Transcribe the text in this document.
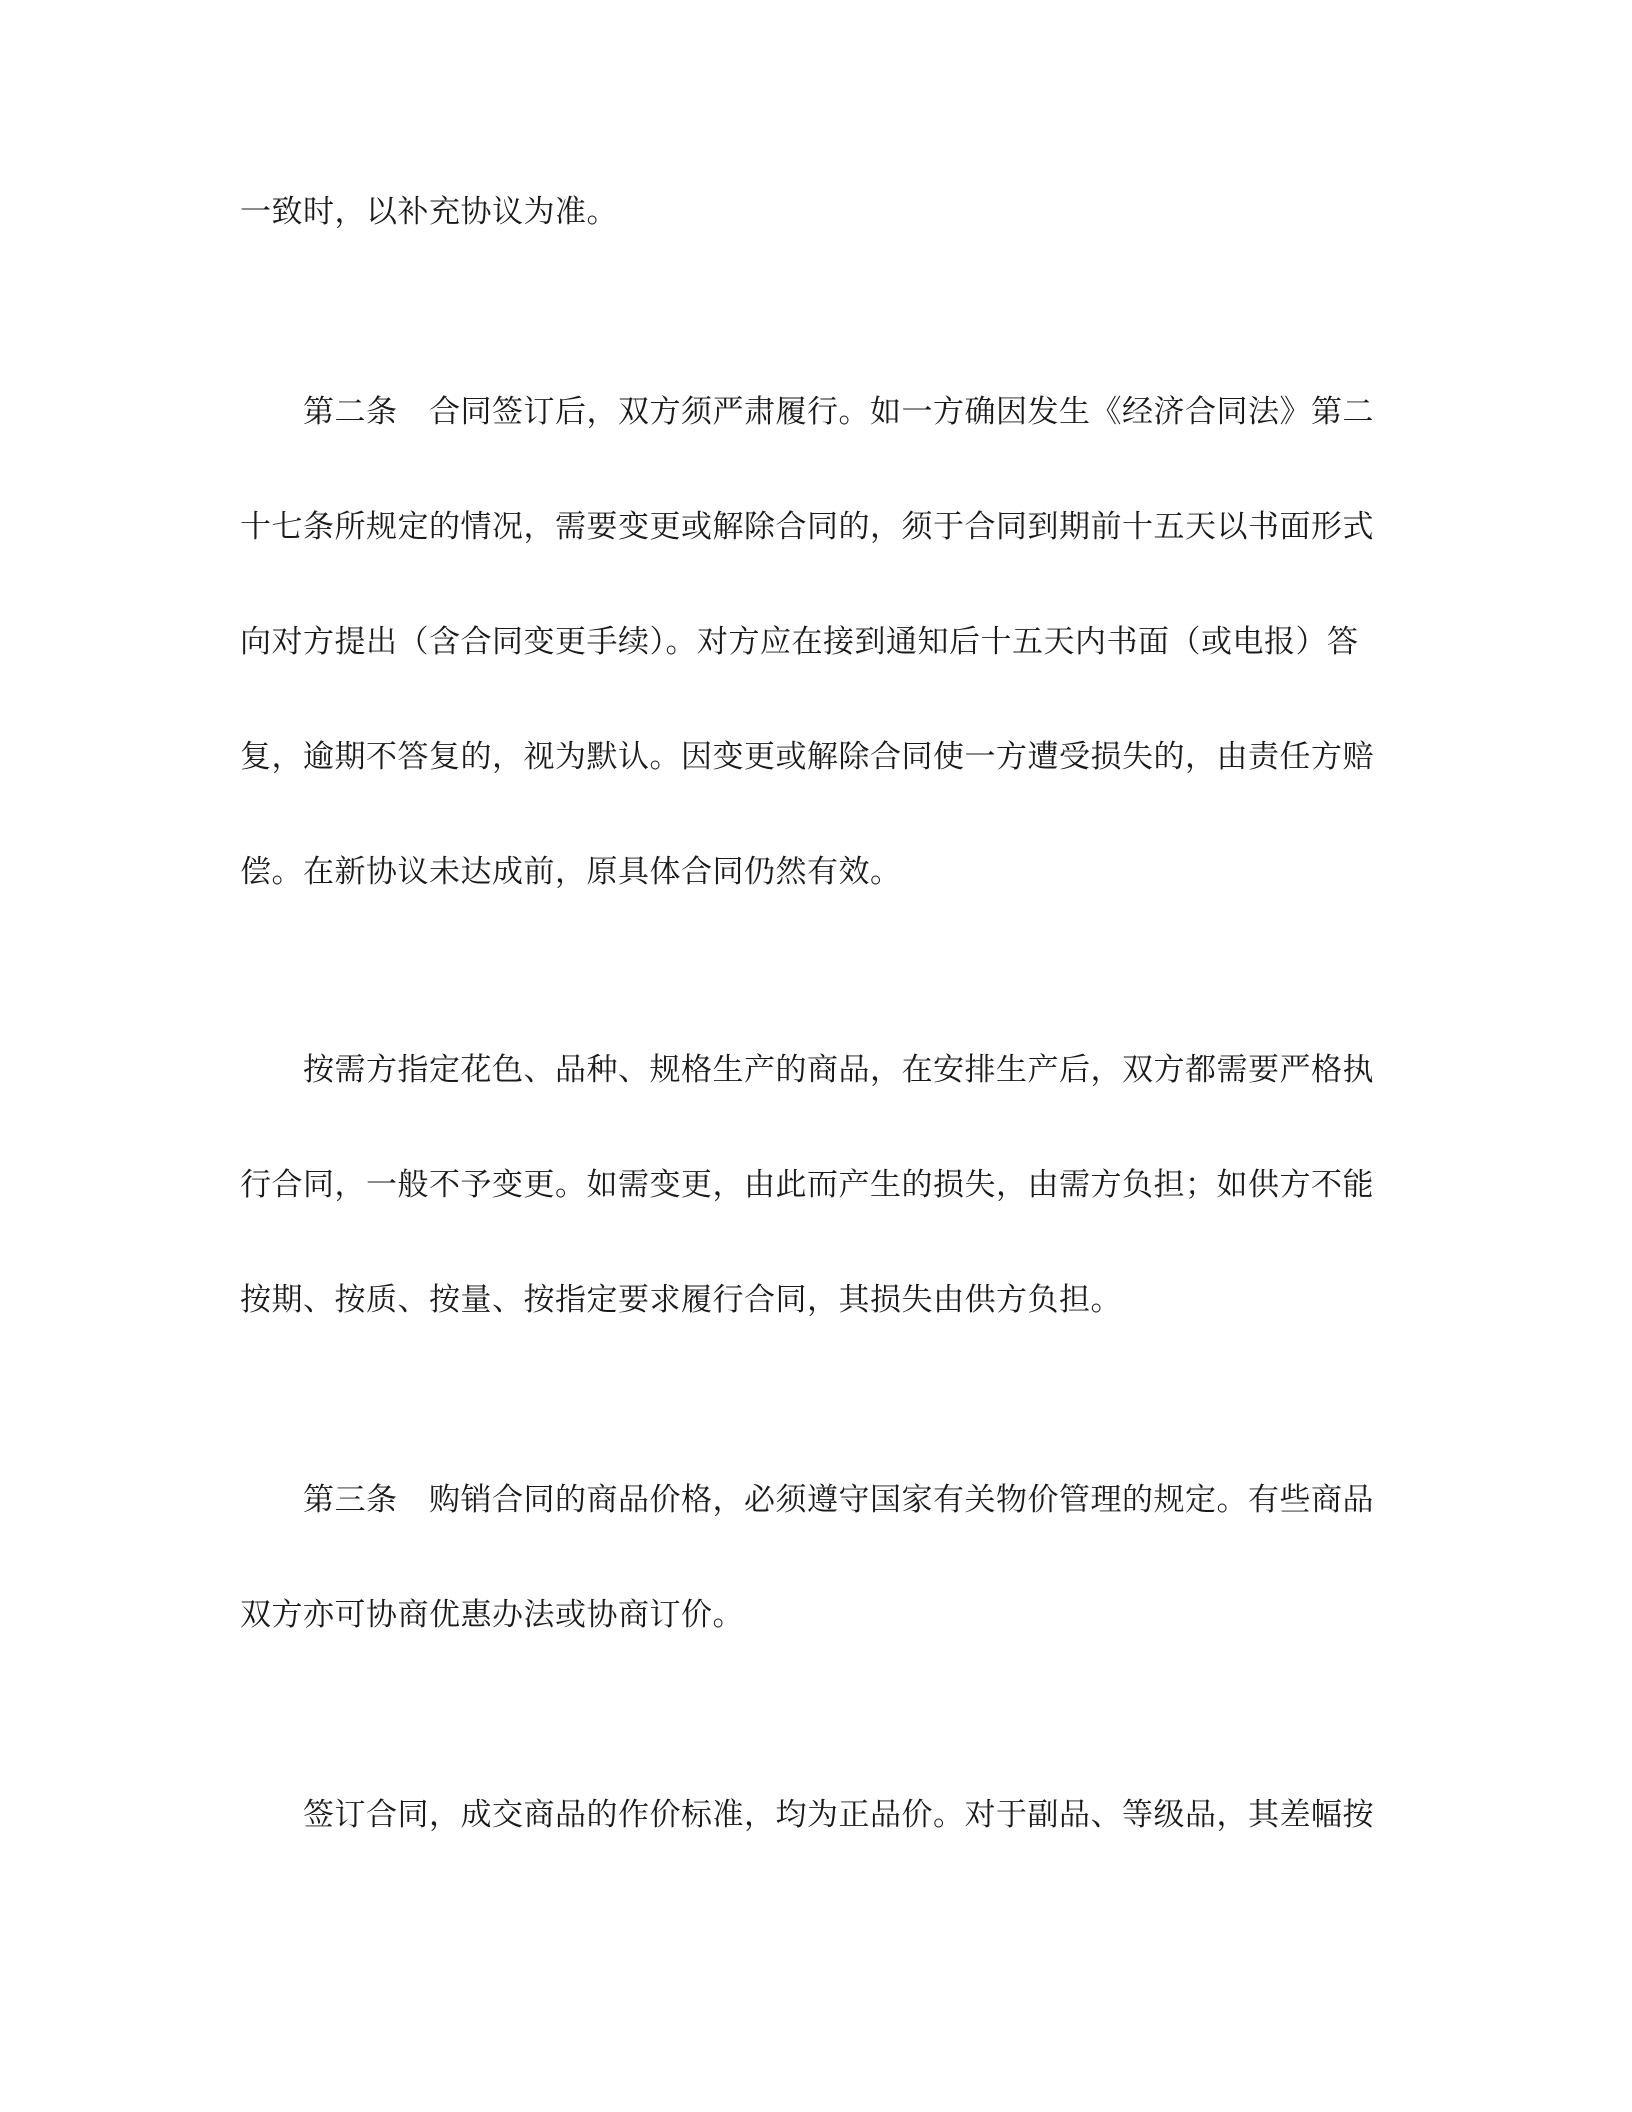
一致时，以补充协议为准。
　　第二条　合同签订后，双方须严肃履行。如一方确因发生《经济合同法》第二
十七条所规定的情况，需要变更或解除合同的，须于合同到期前十五天以书面形式
向对方提出（含合同变更手续）。对方应在接到通知后十五天内书面（或电报）答
复，逾期不答复的，视为默认。因变更或解除合同使一方遭受损失的，由责任方赔
偿。在新协议未达成前，原具体合同仍然有效。
　　按需方指定花色、品种、规格生产的商品，在安排生产后，双方都需要严格执
行合同，一般不予变更。如需变更，由此而产生的损失，由需方负担；如供方不能
按期、按质、按量、按指定要求履行合同，其损失由供方负担。
　　第三条　购销合同的商品价格，必须遵守国家有关物价管理的规定。有些商品
双方亦可协商优惠办法或协商订价。
　　签订合同，成交商品的作价标准，均为正品价。对于副品、等级品，其差幅按
